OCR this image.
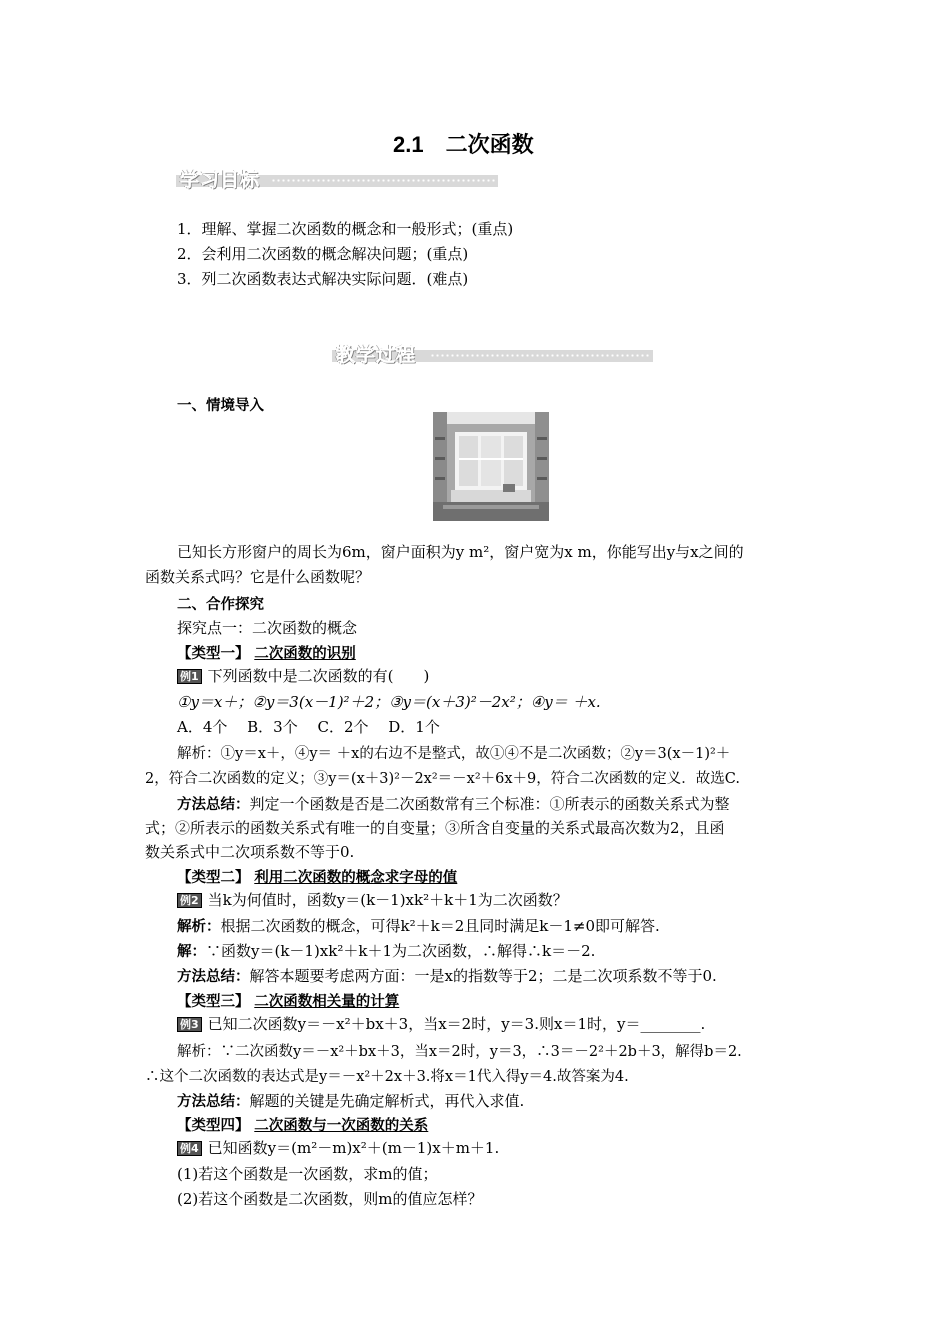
2.1　二次函数
学习目标
1．理解、掌握二次函数的概念和一般形式；(重点)
2．会利用二次函数的概念解决问题；(重点)
3．列二次函数表达式解决实际问题．(难点)
教学过程
一、情境导入
已知长方形窗户的周长为6m，窗户面积为y m²，窗户宽为x m，你能写出y与x之间的
函数关系式吗？它是什么函数呢？
二、合作探究
探究点一：二次函数的概念
【类型一】 二次函数的识别
例1 下列函数中是二次函数的有(　　)
①y＝x＋；②y＝3(x－1)²＋2；③y＝(x＋3)²－2x²；④y＝ ＋x.
A．4个　 B．3个　 C．2个　 D．1个
解析：①y＝x＋，④y＝ ＋x的右边不是整式，故①④不是二次函数；②y＝3(x－1)²＋
2，符合二次函数的定义；③y＝(x＋3)²－2x²＝－x²＋6x＋9，符合二次函数的定义．故选C.
方法总结：判定一个函数是否是二次函数常有三个标准：①所表示的函数关系式为整
式；②所表示的函数关系式有唯一的自变量；③所含自变量的关系式最高次数为2，且函
数关系式中二次项系数不等于0.
【类型二】 利用二次函数的概念求字母的值
例2 当k为何值时，函数y＝(k－1)xk²＋k＋1为二次函数？
解析：根据二次函数的概念，可得k²＋k＝2且同时满足k－1≠0即可解答.
解：∵函数y＝(k－1)xk²＋k＋1为二次函数，∴解得∴k＝－2.
方法总结：解答本题要考虑两方面：一是x的指数等于2；二是二次项系数不等于0.
【类型三】 二次函数相关量的计算
例3 已知二次函数y＝－x²＋bx＋3，当x＝2时，y＝3.则x＝1时，y＝________.
解析：∵二次函数y＝－x²＋bx＋3，当x＝2时，y＝3，∴3＝－2²＋2b＋3，解得b＝2.
∴这个二次函数的表达式是y＝－x²＋2x＋3.将x＝1代入得y＝4.故答案为4.
方法总结：解题的关键是先确定解析式，再代入求值.
【类型四】 二次函数与一次函数的关系
例4 已知函数y＝(m²－m)x²＋(m－1)x＋m＋1.
(1)若这个函数是一次函数，求m的值；
(2)若这个函数是二次函数，则m的值应怎样？
